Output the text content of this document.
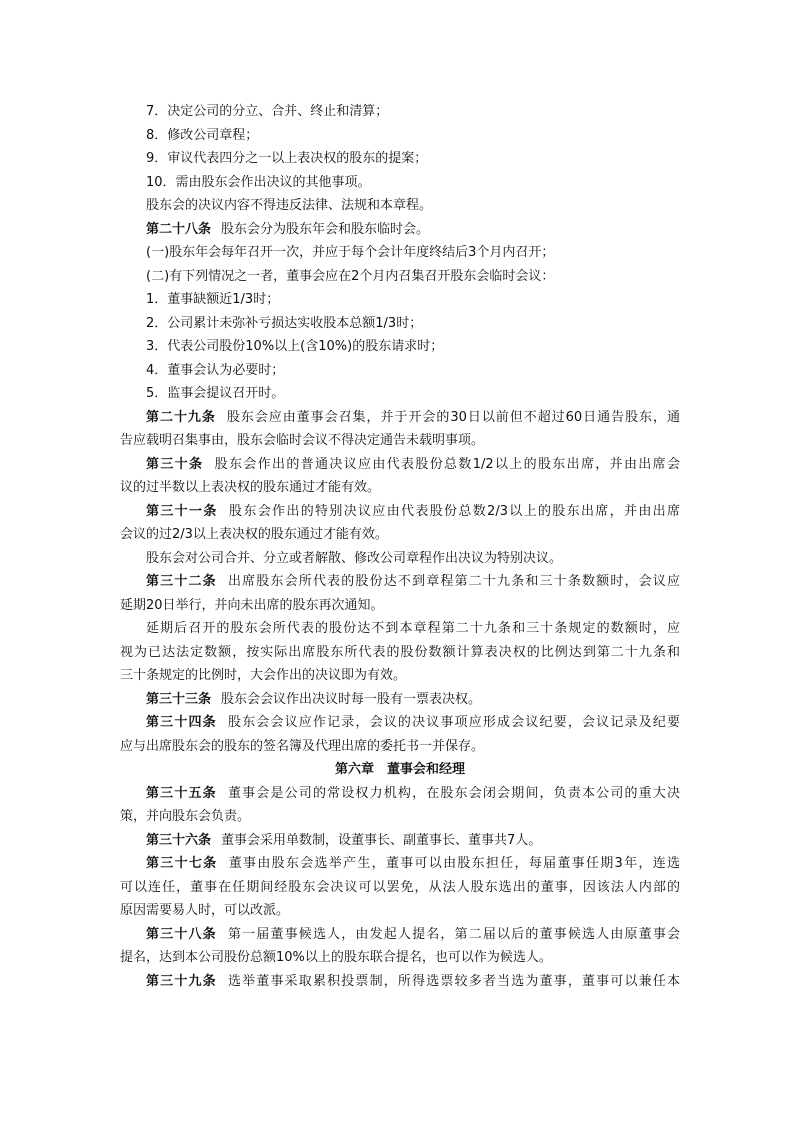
7．决定公司的分立、合并、终止和清算；
8．修改公司章程；
9．审议代表四分之一以上表决权的股东的提案；
10．需由股东会作出决议的其他事项。
股东会的决议内容不得违反法律、法规和本章程。
第二十八条 股东会分为股东年会和股东临时会。
(一)股东年会每年召开一次，并应于每个会计年度终结后3个月内召开；
(二)有下列情况之一者，董事会应在2个月内召集召开股东会临时会议：
1．董事缺额近1/3时；
2．公司累计未弥补亏损达实收股本总额1/3时；
3．代表公司股份10%以上(含10%)的股东请求时；
4．董事会认为必要时；
5．监事会提议召开时。
第二十九条 股东会应由董事会召集，并于开会的30日以前但不超过60日通告股东，通
告应载明召集事由，股东会临时会议不得决定通告未载明事项。
第三十条 股东会作出的普通决议应由代表股份总数1/2以上的股东出席，并由出席会
议的过半数以上表决权的股东通过才能有效。
第三十一条 股东会作出的特别决议应由代表股份总数2/3以上的股东出席，并由出席
会议的过2/3以上表决权的股东通过才能有效。
股东会对公司合并、分立或者解散、修改公司章程作出决议为特别决议。
第三十二条 出席股东会所代表的股份达不到章程第二十九条和三十条数额时，会议应
延期20日举行，并向未出席的股东再次通知。
延期后召开的股东会所代表的股份达不到本章程第二十九条和三十条规定的数额时，应
视为已达法定数额，按实际出席股东所代表的股份数额计算表决权的比例达到第二十九条和
三十条规定的比例时，大会作出的决议即为有效。
第三十三条 股东会会议作出决议时每一股有一票表决权。
第三十四条 股东会会议应作记录，会议的决议事项应形成会议纪要，会议记录及纪要
应与出席股东会的股东的签名簿及代理出席的委托书一并保存。
第六章　董事会和经理
第三十五条 董事会是公司的常设权力机构，在股东会闭会期间，负责本公司的重大决
策，并向股东会负责。
第三十六条 董事会采用单数制，设董事长、副董事长、董事共7人。
第三十七条 董事由股东会选举产生，董事可以由股东担任，每届董事任期3年，连选
可以连任，董事在任期间经股东会决议可以罢免，从法人股东选出的董事，因该法人内部的
原因需要易人时，可以改派。
第三十八条 第一届董事候选人，由发起人提名，第二届以后的董事候选人由原董事会
提名，达到本公司股份总额10%以上的股东联合提名，也可以作为候选人。
第三十九条 选举董事采取累积投票制，所得选票较多者当选为董事，董事可以兼任本
